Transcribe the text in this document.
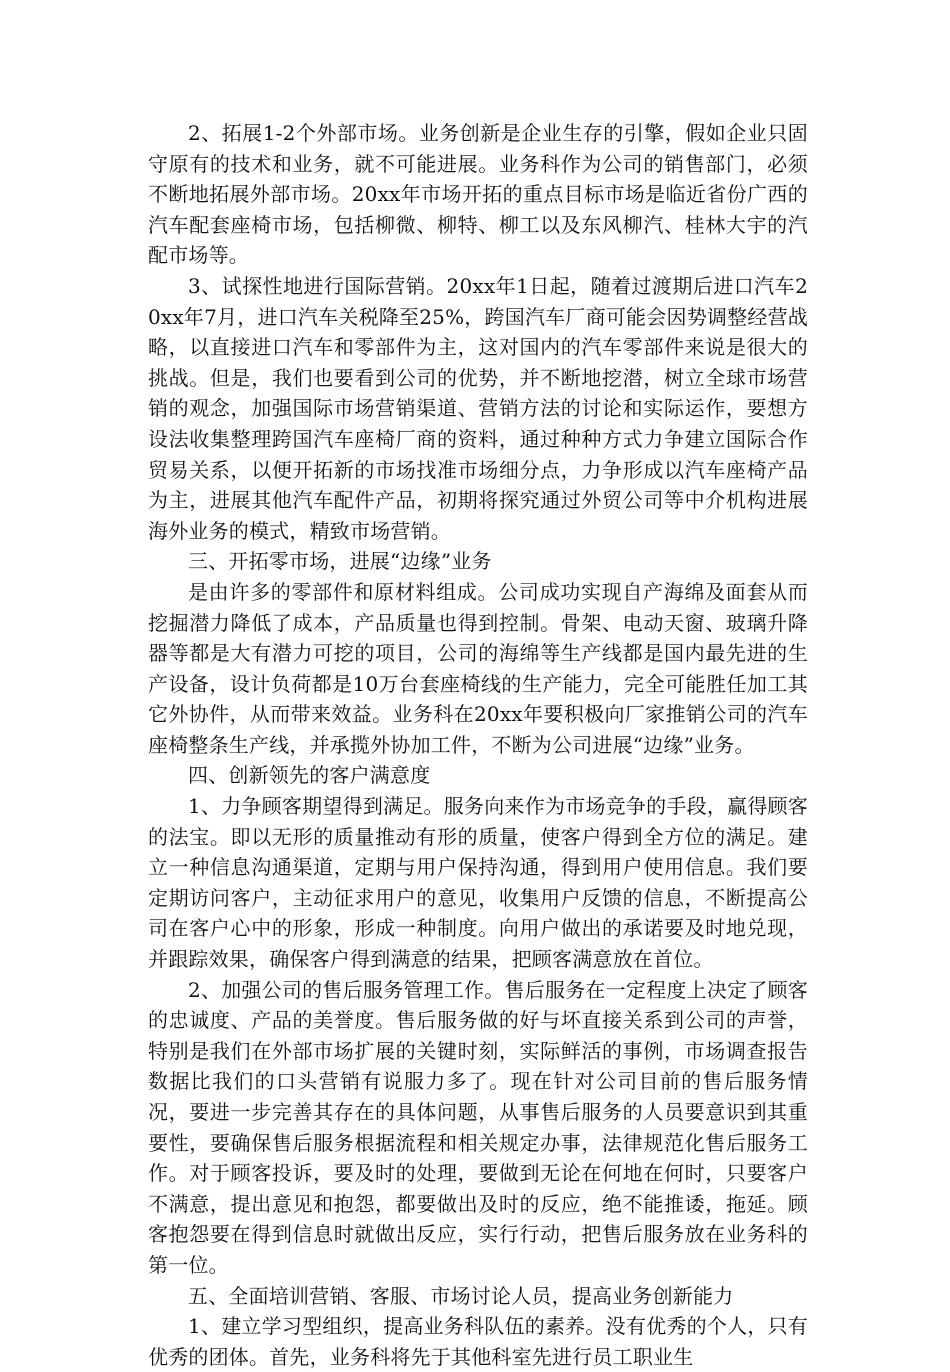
2、拓展1-2个外部市场。业务创新是企业生存的引擎，假如企业只固守原有的技术和业务，就不可能进展。业务科作为公司的销售部门，必须不断地拓展外部市场。20xx年市场开拓的重点目标市场是临近省份广西的汽车配套座椅市场，包括柳微、柳特、柳工以及东风柳汽、桂林大宇的汽配市场等。

3、试探性地进行国际营销。20xx年1日起，随着过渡期后进口汽车20xx年7月，进口汽车关税降至25%，跨国汽车厂商可能会因势调整经营战略，以直接进口汽车和零部件为主，这对国内的汽车零部件来说是很大的挑战。但是，我们也要看到公司的优势，并不断地挖潜，树立全球市场营销的观念，加强国际市场营销渠道、营销方法的讨论和实际运作，要想方设法收集整理跨国汽车座椅厂商的资料，通过种种方式力争建立国际合作贸易关系，以便开拓新的市场找准市场细分点，力争形成以汽车座椅产品为主，进展其他汽车配件产品，初期将探究通过外贸公司等中介机构进展海外业务的模式，精致市场营销。

三、开拓零市场，进展“边缘”业务

是由许多的零部件和原材料组成。公司成功实现自产海绵及面套从而挖掘潜力降低了成本，产品质量也得到控制。骨架、电动天窗、玻璃升降器等都是大有潜力可挖的项目，公司的海绵等生产线都是国内最先进的生产设备，设计负荷都是10万台套座椅线的生产能力，完全可能胜任加工其它外协件，从而带来效益。业务科在20xx年要积极向厂家推销公司的汽车座椅整条生产线，并承揽外协加工件，不断为公司进展“边缘”业务。

四、创新领先的客户满意度

1、力争顾客期望得到满足。服务向来作为市场竞争的手段，赢得顾客的法宝。即以无形的质量推动有形的质量，使客户得到全方位的满足。建立一种信息沟通渠道，定期与用户保持沟通，得到用户使用信息。我们要定期访问客户，主动征求用户的意见，收集用户反馈的信息，不断提高公司在客户心中的形象，形成一种制度。向用户做出的承诺要及时地兑现，并跟踪效果，确保客户得到满意的结果，把顾客满意放在首位。

2、加强公司的售后服务管理工作。售后服务在一定程度上决定了顾客的忠诚度、产品的美誉度。售后服务做的好与坏直接关系到公司的声誉，特别是我们在外部市场扩展的关键时刻，实际鲜活的事例，市场调查报告数据比我们的口头营销有说服力多了。现在针对公司目前的售后服务情况，要进一步完善其存在的具体问题，从事售后服务的人员要意识到其重要性，要确保售后服务根据流程和相关规定办事，法律规范化售后服务工作。对于顾客投诉，要及时的处理，要做到无论在何地在何时，只要客户不满意，提出意见和抱怨，都要做出及时的反应，绝不能推诿，拖延。顾客抱怨要在得到信息时就做出反应，实行行动，把售后服务放在业务科的第一位。

五、全面培训营销、客服、市场讨论人员，提高业务创新能力

1、建立学习型组织，提高业务科队伍的素养。没有优秀的个人，只有优秀的团体。首先，业务科将先于其他科室先进行员工职业生
